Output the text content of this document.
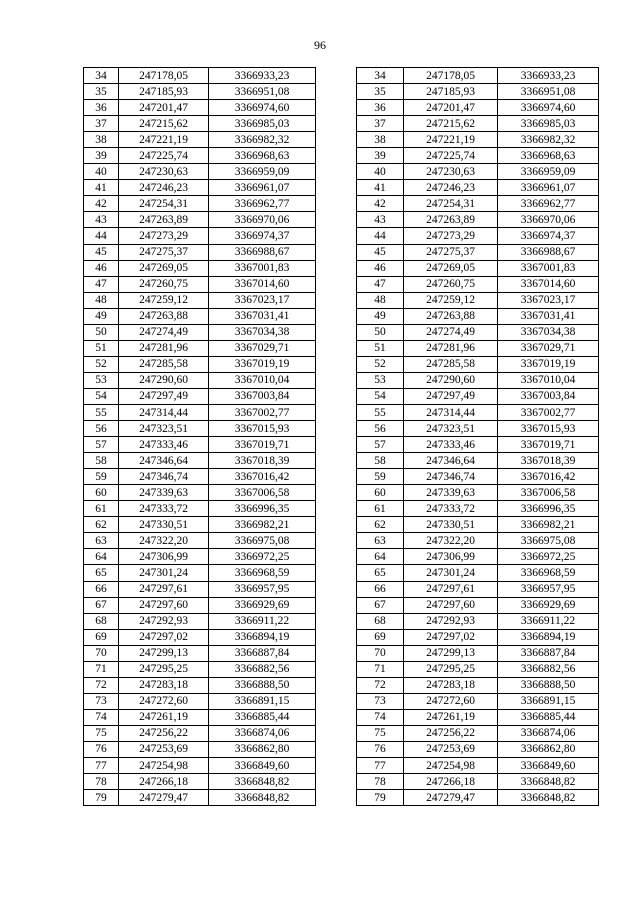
96
34	247178,05	3366933,23
35	247185,93	3366951,08
36	247201,47	3366974,60
37	247215,62	3366985,03
38	247221,19	3366982,32
39	247225,74	3366968,63
40	247230,63	3366959,09
41	247246,23	3366961,07
42	247254,31	3366962,77
43	247263,89	3366970,06
44	247273,29	3366974,37
45	247275,37	3366988,67
46	247269,05	3367001,83
47	247260,75	3367014,60
48	247259,12	3367023,17
49	247263,88	3367031,41
50	247274,49	3367034,38
51	247281,96	3367029,71
52	247285,58	3367019,19
53	247290,60	3367010,04
54	247297,49	3367003,84
55	247314,44	3367002,77
56	247323,51	3367015,93
57	247333,46	3367019,71
58	247346,64	3367018,39
59	247346,74	3367016,42
60	247339,63	3367006,58
61	247333,72	3366996,35
62	247330,51	3366982,21
63	247322,20	3366975,08
64	247306,99	3366972,25
65	247301,24	3366968,59
66	247297,61	3366957,95
67	247297,60	3366929,69
68	247292,93	3366911,22
69	247297,02	3366894,19
70	247299,13	3366887,84
71	247295,25	3366882,56
72	247283,18	3366888,50
73	247272,60	3366891,15
74	247261,19	3366885,44
75	247256,22	3366874,06
76	247253,69	3366862,80
77	247254,98	3366849,60
78	247266,18	3366848,82
79	247279,47	3366848,82
34	247178,05	3366933,23
35	247185,93	3366951,08
36	247201,47	3366974,60
37	247215,62	3366985,03
38	247221,19	3366982,32
39	247225,74	3366968,63
40	247230,63	3366959,09
41	247246,23	3366961,07
42	247254,31	3366962,77
43	247263,89	3366970,06
44	247273,29	3366974,37
45	247275,37	3366988,67
46	247269,05	3367001,83
47	247260,75	3367014,60
48	247259,12	3367023,17
49	247263,88	3367031,41
50	247274,49	3367034,38
51	247281,96	3367029,71
52	247285,58	3367019,19
53	247290,60	3367010,04
54	247297,49	3367003,84
55	247314,44	3367002,77
56	247323,51	3367015,93
57	247333,46	3367019,71
58	247346,64	3367018,39
59	247346,74	3367016,42
60	247339,63	3367006,58
61	247333,72	3366996,35
62	247330,51	3366982,21
63	247322,20	3366975,08
64	247306,99	3366972,25
65	247301,24	3366968,59
66	247297,61	3366957,95
67	247297,60	3366929,69
68	247292,93	3366911,22
69	247297,02	3366894,19
70	247299,13	3366887,84
71	247295,25	3366882,56
72	247283,18	3366888,50
73	247272,60	3366891,15
74	247261,19	3366885,44
75	247256,22	3366874,06
76	247253,69	3366862,80
77	247254,98	3366849,60
78	247266,18	3366848,82
79	247279,47	3366848,82
